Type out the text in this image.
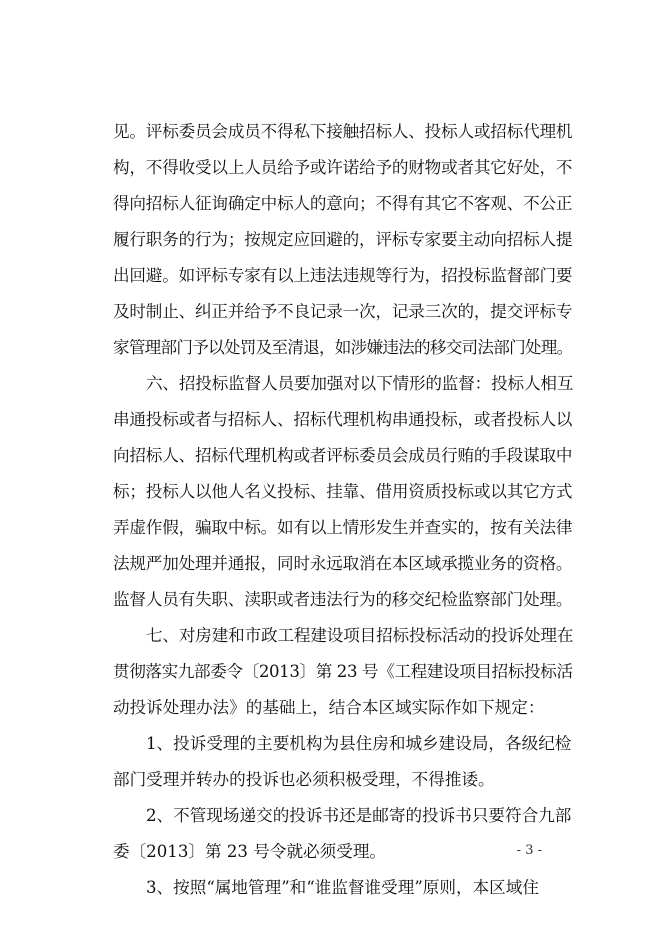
见。评标委员会成员不得私下接触招标人、投标人或招标代理机
构，不得收受以上人员给予或许诺给予的财物或者其它好处，不
得向招标人征询确定中标人的意向；不得有其它不客观、不公正
履行职务的行为；按规定应回避的，评标专家要主动向招标人提
出回避。如评标专家有以上违法违规等行为，招投标监督部门要
及时制止、纠正并给予不良记录一次，记录三次的，提交评标专
家管理部门予以处罚及至清退，如涉嫌违法的移交司法部门处理。
六、招投标监督人员要加强对以下情形的监督：投标人相互
串通投标或者与招标人、招标代理机构串通投标，或者投标人以
向招标人、招标代理机构或者评标委员会成员行贿的手段谋取中
标；投标人以他人名义投标、挂靠、借用资质投标或以其它方式
弄虚作假，骗取中标。如有以上情形发生并查实的，按有关法律
法规严加处理并通报，同时永远取消在本区域承揽业务的资格。
监督人员有失职、渎职或者违法行为的移交纪检监察部门处理。
七、对房建和市政工程建设项目招标投标活动的投诉处理在
贯彻落实九部委令〔2013〕第 23 号《工程建设项目招标投标活
动投诉处理办法》的基础上，结合本区域实际作如下规定：
1、投诉受理的主要机构为县住房和城乡建设局，各级纪检
部门受理并转办的投诉也必须积极受理，不得推诿。
2、不管现场递交的投诉书还是邮寄的投诉书只要符合九部
委〔2013〕第 23 号令就必须受理。
3、按照“属地管理”和“谁监督谁受理”原则，本区域住
- 3 -
